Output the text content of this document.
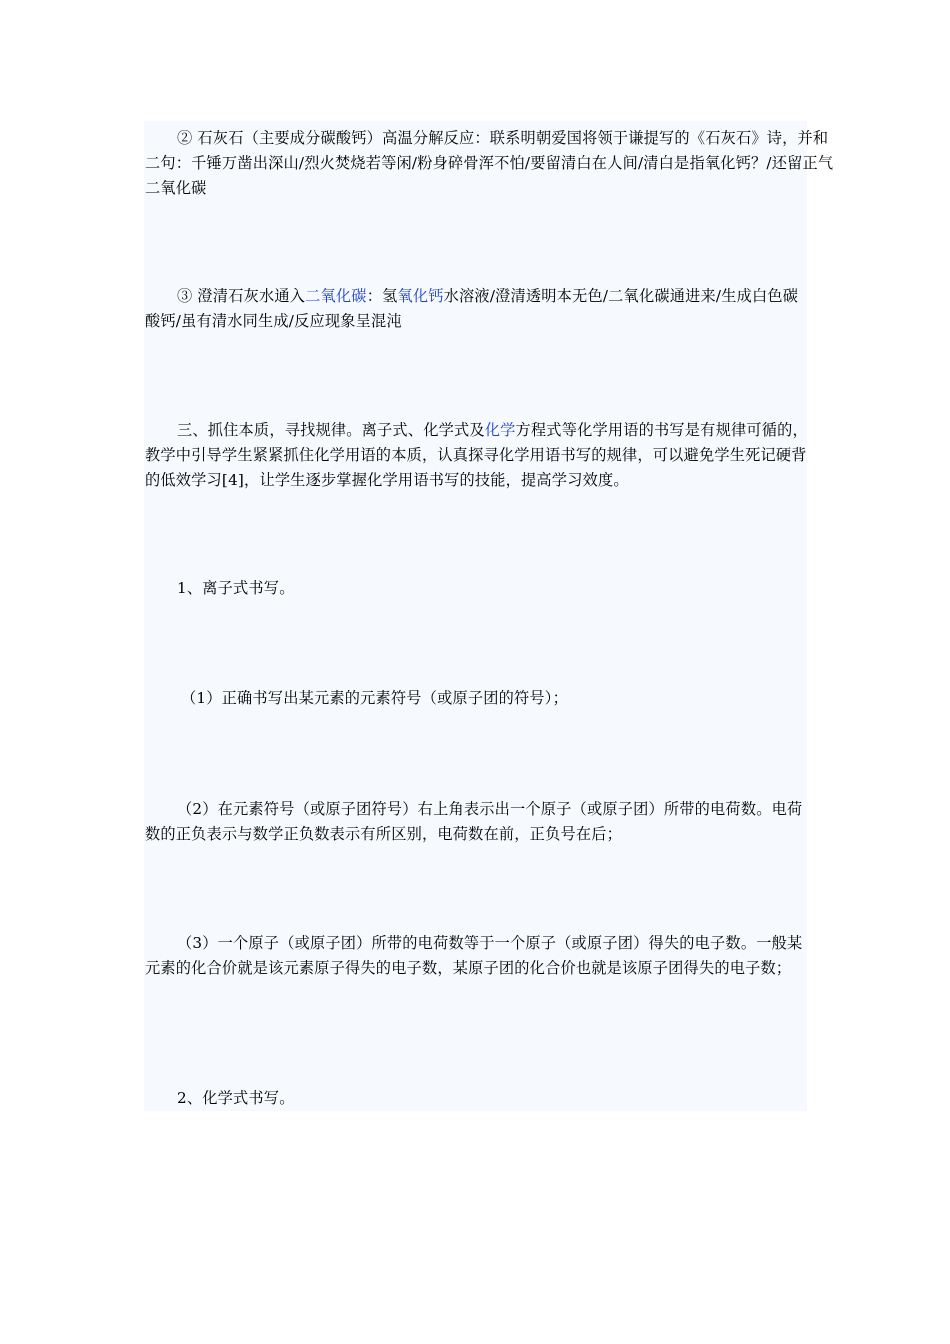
② 石灰石（主要成分碳酸钙）高温分解反应：联系明朝爱国将领于谦提写的《石灰石》诗，并和二句：千锤万凿出深山/烈火焚烧若等闲/粉身碎骨浑不怕/要留清白在人间/清白是指氧化钙？/还留正气二氧化碳

③ 澄清石灰水通入二氧化碳：氢氧化钙水溶液/澄清透明本无色/二氧化碳通进来/生成白色碳酸钙/虽有清水同生成/反应现象呈混沌

三、抓住本质，寻找规律。离子式、化学式及化学方程式等化学用语的书写是有规律可循的，教学中引导学生紧紧抓住化学用语的本质，认真探寻化学用语书写的规律，可以避免学生死记硬背的低效学习[4]，让学生逐步掌握化学用语书写的技能，提高学习效度。

1、离子式书写。

（1）正确书写出某元素的元素符号（或原子团的符号）；

（2）在元素符号（或原子团符号）右上角表示出一个原子（或原子团）所带的电荷数。电荷数的正负表示与数学正负数表示有所区别，电荷数在前，正负号在后；

（3）一个原子（或原子团）所带的电荷数等于一个原子（或原子团）得失的电子数。一般某元素的化合价就是该元素原子得失的电子数，某原子团的化合价也就是该原子团得失的电子数；

2、化学式书写。
